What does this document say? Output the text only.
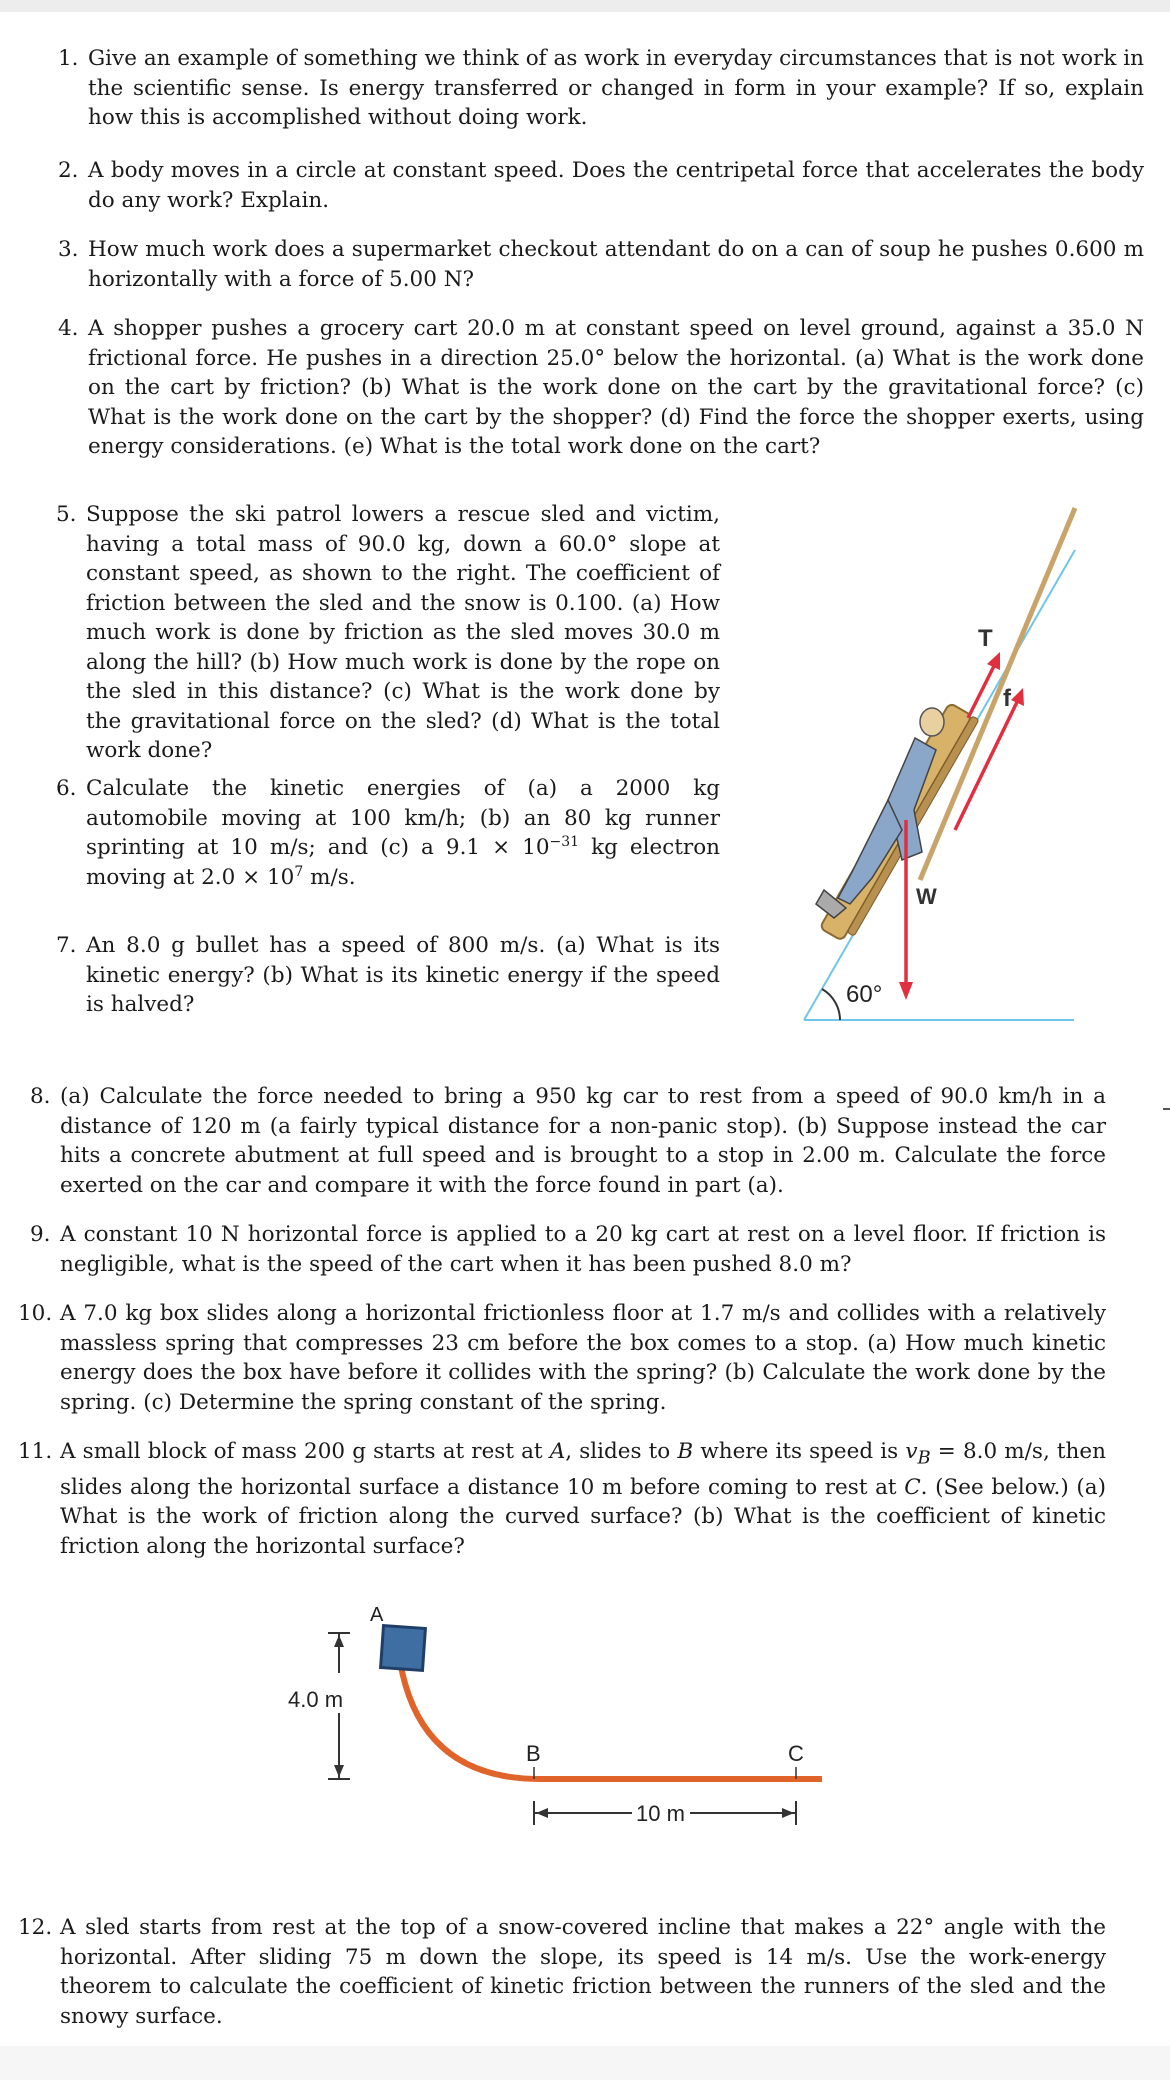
1. Give an example of something we think of as work in everyday circumstances that is not work in the scientific sense. Is energy transferred or changed in form in your example? If so, explain how this is accomplished without doing work.
2. A body moves in a circle at constant speed. Does the centripetal force that accelerates the body do any work? Explain.
3. How much work does a supermarket checkout attendant do on a can of soup he pushes 0.600 m horizontally with a force of 5.00 N?
4. A shopper pushes a grocery cart 20.0 m at constant speed on level ground, against a 35.0 N frictional force. He pushes in a direction 25.0° below the horizontal. (a) What is the work done on the cart by friction? (b) What is the work done on the cart by the gravitational force? (c) What is the work done on the cart by the shopper? (d) Find the force the shopper exerts, using energy considerations. (e) What is the total work done on the cart?
5. Suppose the ski patrol lowers a rescue sled and victim, having a total mass of 90.0 kg, down a 60.0° slope at constant speed, as shown to the right. The coefficient of friction between the sled and the snow is 0.100. (a) How much work is done by friction as the sled moves 30.0 m along the hill? (b) How much work is done by the rope on the sled in this distance? (c) What is the work done by the gravitational force on the sled? (d) What is the total work done?
6. Calculate the kinetic energies of (a) a 2000 kg automobile moving at 100 km/h; (b) an 80 kg runner sprinting at 10 m/s; and (c) a $9.1 \times 10^{-31}$ kg electron moving at $2.0 \times 10^7$ m/s.
7. An 8.0 g bullet has a speed of 800 m/s. (a) What is its kinetic energy? (b) What is its kinetic energy if the speed is halved?
T
f
W
60°
8. (a) Calculate the force needed to bring a 950 kg car to rest from a speed of 90.0 km/h in a distance of 120 m (a fairly typical distance for a non-panic stop). (b) Suppose instead the car hits a concrete abutment at full speed and is brought to a stop in 2.00 m. Calculate the force exerted on the car and compare it with the force found in part (a).
9. A constant 10 N horizontal force is applied to a 20 kg cart at rest on a level floor. If friction is negligible, what is the speed of the cart when it has been pushed 8.0 m?
10. A 7.0 kg box slides along a horizontal frictionless floor at 1.7 m/s and collides with a relatively massless spring that compresses 23 cm before the box comes to a stop. (a) How much kinetic energy does the box have before it collides with the spring? (b) Calculate the work done by the spring. (c) Determine the spring constant of the spring.
11. A small block of mass 200 g starts at rest at A, slides to B where its speed is $v_B = 8.0$ m/s, then slides along the horizontal surface a distance 10 m before coming to rest at C. (See below.) (a) What is the work of friction along the curved surface? (b) What is the coefficient of kinetic friction along the horizontal surface?
4.0 m
A
B	C
10 m
12. A sled starts from rest at the top of a snow-covered incline that makes a 22° angle with the horizontal. After sliding 75 m down the slope, its speed is 14 m/s. Use the work-energy theorem to calculate the coefficient of kinetic friction between the runners of the sled and the snowy surface.
